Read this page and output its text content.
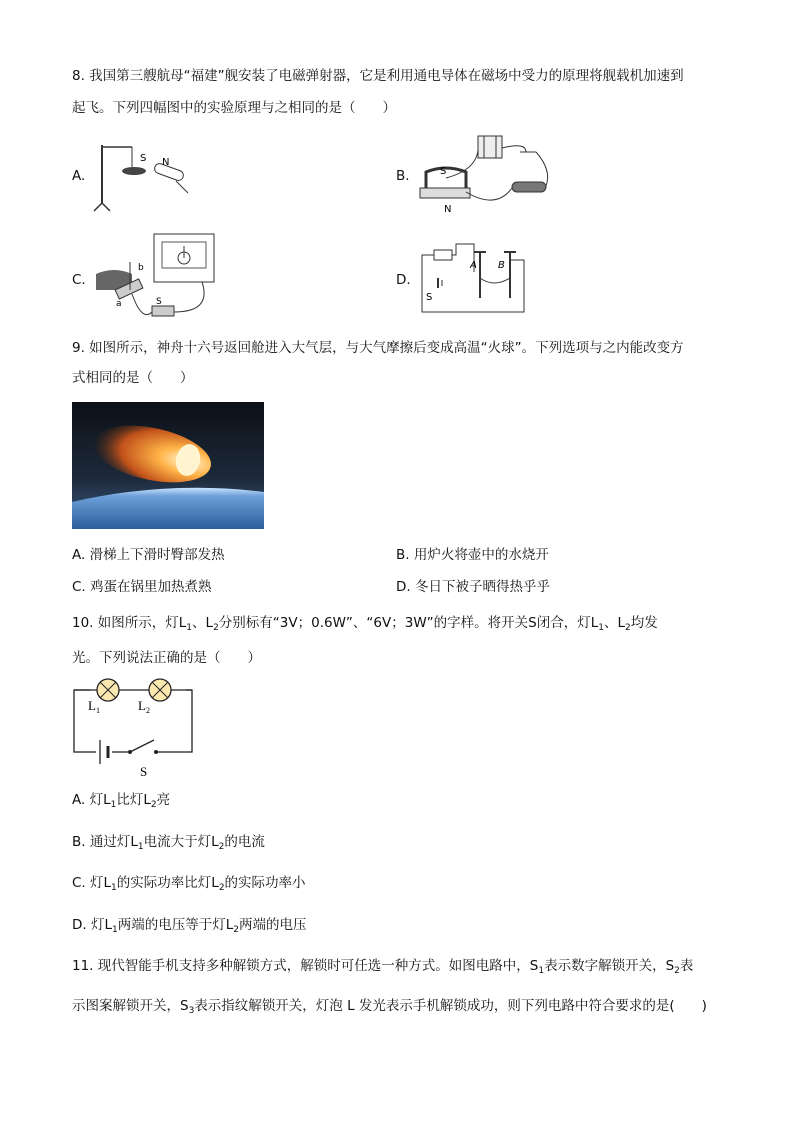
8. 我国第三艘航母“福建”舰安装了电磁弹射器，它是利用通电导体在磁场中受力的原理将舰载机加速到
起飞。下列四幅图中的实验原理与之相同的是（　　）
A.
S N
B.	S
N
C.
b
a	S
D.
A B
S
9. 如图所示，神舟十六号返回舱进入大气层，与大气摩擦后变成高温“火球”。下列选项与之内能改变方
式相同的是（　　）
A. 滑梯上下滑时臀部发热	B. 用炉火将壶中的水烧开
C. 鸡蛋在锅里加热煮熟	D. 冬日下被子晒得热乎乎
10. 如图所示，灯$L_1$、$L_2$分别标有“3V；0.6W”、“6V；3W”的字样。将开关S闭合，灯$L_1$、$L_2$均发
光。下列说法正确的是（　　）
$L_1$	$L_2$
S
A. 灯$L_1$比灯$L_2$亮
B. 通过灯$L_1$电流大于灯$L_2$的电流
C. 灯$L_1$的实际功率比灯$L_2$的实际功率小
D. 灯$L_1$两端的电压等于灯$L_2$两端的电压
11. 现代智能手机支持多种解锁方式，解锁时可任选一种方式。如图电路中，$S_1$表示数字解锁开关，$S_2$表
示图案解锁开关，$S_3$表示指纹解锁开关，灯泡 L 发光表示手机解锁成功，则下列电路中符合要求的是(　　)
